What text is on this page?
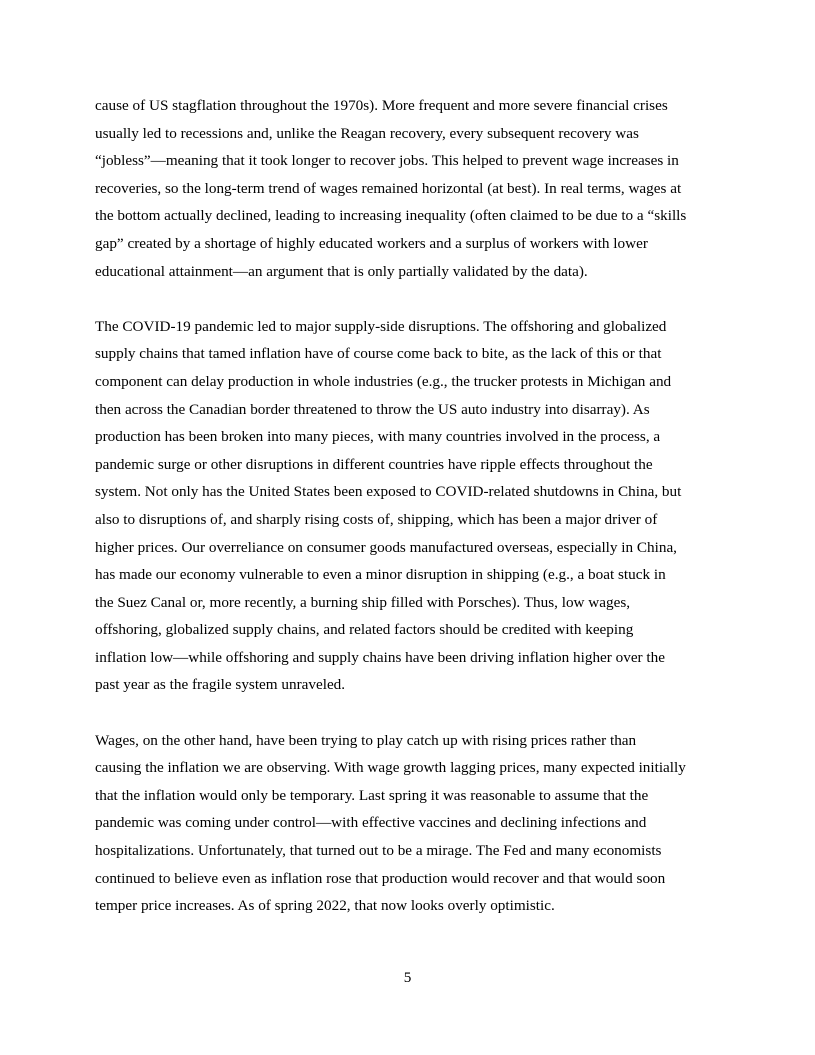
cause of US stagflation throughout the 1970s). More frequent and more severe financial crises
usually led to recessions and, unlike the Reagan recovery, every subsequent recovery was
“jobless”—meaning that it took longer to recover jobs. This helped to prevent wage increases in
recoveries, so the long-term trend of wages remained horizontal (at best). In real terms, wages at
the bottom actually declined, leading to increasing inequality (often claimed to be due to a “skills
gap” created by a shortage of highly educated workers and a surplus of workers with lower
educational attainment—an argument that is only partially validated by the data).

The COVID-19 pandemic led to major supply-side disruptions. The offshoring and globalized
supply chains that tamed inflation have of course come back to bite, as the lack of this or that
component can delay production in whole industries (e.g., the trucker protests in Michigan and
then across the Canadian border threatened to throw the US auto industry into disarray). As
production has been broken into many pieces, with many countries involved in the process, a
pandemic surge or other disruptions in different countries have ripple effects throughout the
system. Not only has the United States been exposed to COVID-related shutdowns in China, but
also to disruptions of, and sharply rising costs of, shipping, which has been a major driver of
higher prices. Our overreliance on consumer goods manufactured overseas, especially in China,
has made our economy vulnerable to even a minor disruption in shipping (e.g., a boat stuck in
the Suez Canal or, more recently, a burning ship filled with Porsches). Thus, low wages,
offshoring, globalized supply chains, and related factors should be credited with keeping
inflation low—while offshoring and supply chains have been driving inflation higher over the
past year as the fragile system unraveled.

Wages, on the other hand, have been trying to play catch up with rising prices rather than
causing the inflation we are observing. With wage growth lagging prices, many expected initially
that the inflation would only be temporary. Last spring it was reasonable to assume that the
pandemic was coming under control—with effective vaccines and declining infections and
hospitalizations. Unfortunately, that turned out to be a mirage. The Fed and many economists
continued to believe even as inflation rose that production would recover and that would soon
temper price increases. As of spring 2022, that now looks overly optimistic.

5
